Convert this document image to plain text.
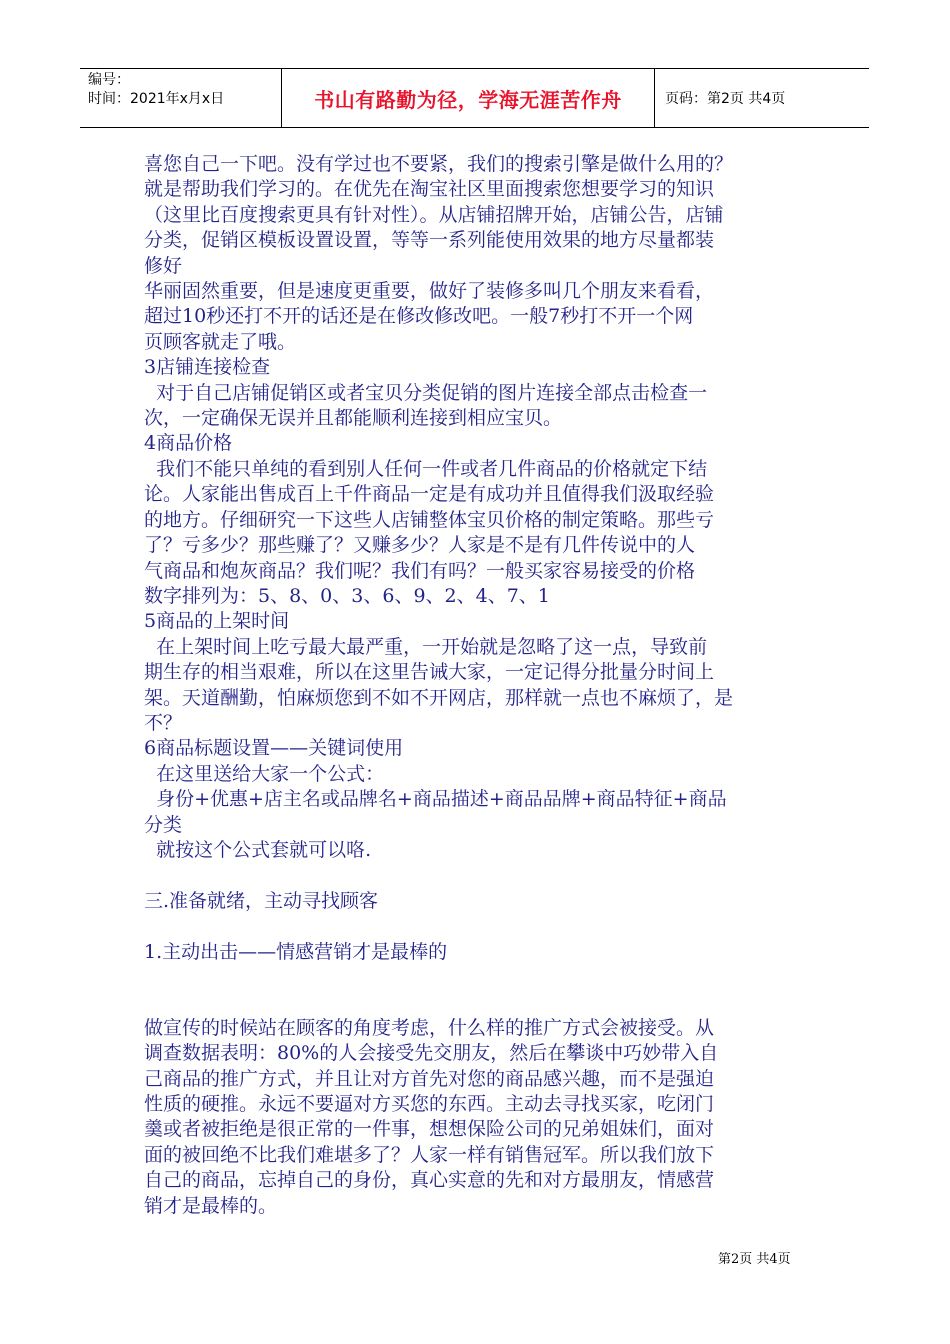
编号：
时间：2021年x月x日	书山有路勤为径，学海无涯苦作舟	页码：第2页 共4页

喜您自己一下吧。没有学过也不要紧，我们的搜索引擎是做什么用的？

就是帮助我们学习的。在优先在淘宝社区里面搜索您想要学习的知识

（这里比百度搜索更具有针对性）。从店铺招牌开始，店铺公告，店铺

分类，促销区模板设置设置，等等一系列能使用效果的地方尽量都装

修好

华丽固然重要，但是速度更重要，做好了装修多叫几个朋友来看看，

超过10秒还打不开的话还是在修改修改吧。一般7秒打不开一个网

页顾客就走了哦。

3店铺连接检查

对于自己店铺促销区或者宝贝分类促销的图片连接全部点击检查一

次，一定确保无误并且都能顺利连接到相应宝贝。

4商品价格

我们不能只单纯的看到别人任何一件或者几件商品的价格就定下结

论。人家能出售成百上千件商品一定是有成功并且值得我们汲取经验

的地方。仔细研究一下这些人店铺整体宝贝价格的制定策略。那些亏

了？亏多少？那些赚了？又赚多少？人家是不是有几件传说中的人

气商品和炮灰商品？我们呢？我们有吗？一般买家容易接受的价格

数字排列为：5、8、0、3、6、9、2、4、7、1

5商品的上架时间

在上架时间上吃亏最大最严重，一开始就是忽略了这一点，导致前

期生存的相当艰难，所以在这里告诫大家，一定记得分批量分时间上

架。天道酬勤，怕麻烦您到不如不开网店，那样就一点也不麻烦了，是

不？

6商品标题设置——关键词使用

在这里送给大家一个公式：

身份+优惠+店主名或品牌名+商品描述+商品品牌+商品特征+商品

分类

就按这个公式套就可以咯.

三.准备就绪，主动寻找顾客

1.主动出击——情感营销才是最棒的

做宣传的时候站在顾客的角度考虑，什么样的推广方式会被接受。从

调查数据表明：80%的人会接受先交朋友，然后在攀谈中巧妙带入自

己商品的推广方式，并且让对方首先对您的商品感兴趣，而不是强迫

性质的硬推。永远不要逼对方买您的东西。主动去寻找买家，吃闭门

羹或者被拒绝是很正常的一件事，想想保险公司的兄弟姐妹们，面对

面的被回绝不比我们难堪多了？人家一样有销售冠军。所以我们放下

自己的商品，忘掉自己的身份，真心实意的先和对方最朋友，情感营

销才是最棒的。

第2页 共4页
